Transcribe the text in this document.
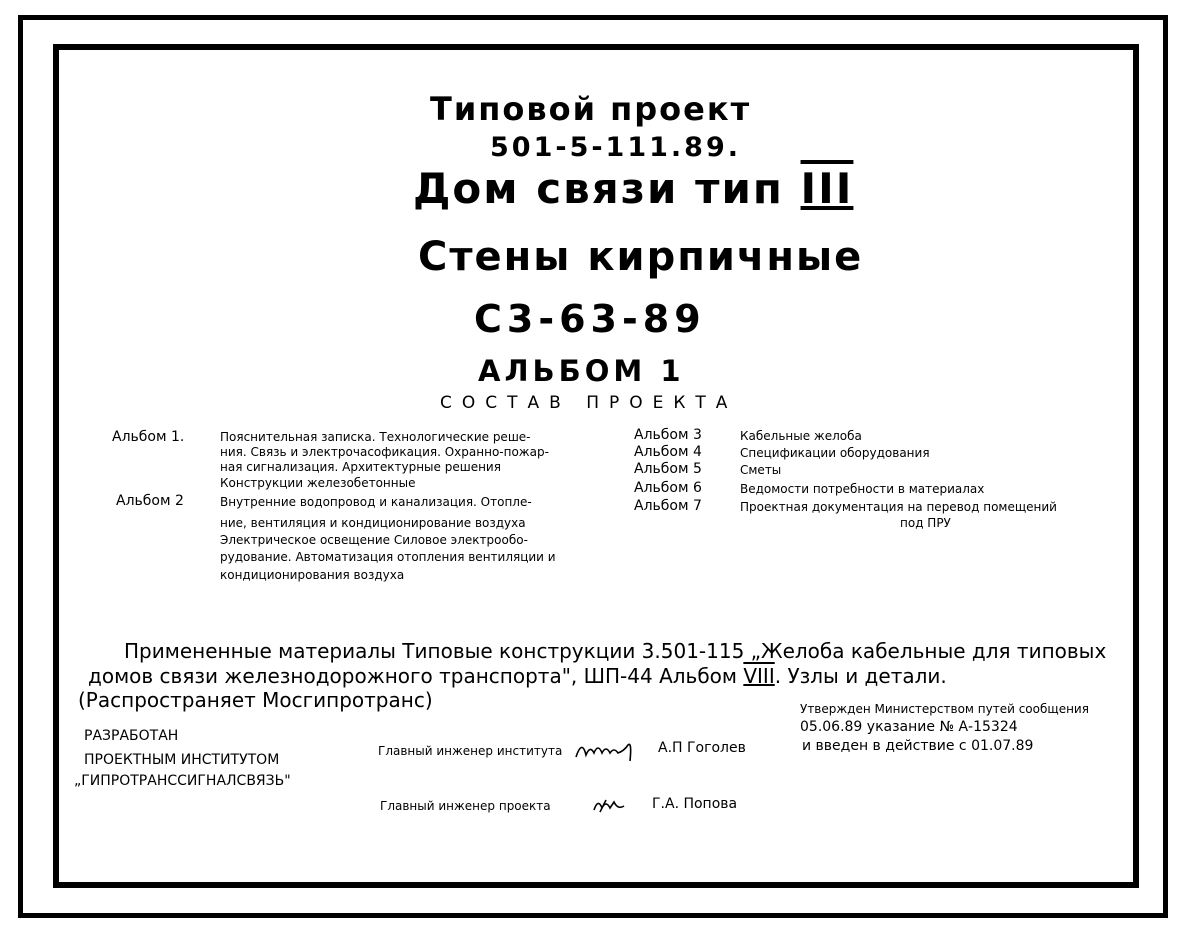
Типовой проект

501-5-111.89.

Дом связи тип III

Стены кирпичные

С3-63-89

АЛЬБОМ 1

СОСТАВ ПРОЕКТА

Альбом 1.	Пояснительная записка. Технологические реше-

ния. Связь и электрочасофикация. Охранно-пожар-

ная сигнализация. Архитектурные решения

Конструкции железобетонные

Альбом 2	Внутренние водопровод и канализация. Отопле-

ние, вентиляция и кондиционирование воздуха

Электрическое освещение Силовое электрообо-

рудование. Автоматизация отопления вентиляции и

кондиционирования воздуха

Альбом 3	Кабельные желоба

Альбом 4	Спецификации оборудования

Альбом 5	Сметы

Альбом 6	Ведомости потребности в материалах

Альбом 7	Проектная документация на перевод помещений

под ПРУ

Примененные материалы Типовые конструкции 3.501-115 „Желоба кабельные для типовых

домов связи железнодорожного транспорта", ШП-44 Альбом VIII. Узлы и детали.

(Распространяет Мосгипротранс)

РАЗРАБОТАН

ПРОЕКТНЫМ ИНСТИТУТОМ

„ГИПРОТРАНССИГНАЛСВЯЗЬ"

Главный инженер института	А.П Гоголев

Главный инженер проекта	Г.А. Попова

Утвержден Министерством путей сообщения

05.06.89 указание № А-15324

и введен в действие с 01.07.89
